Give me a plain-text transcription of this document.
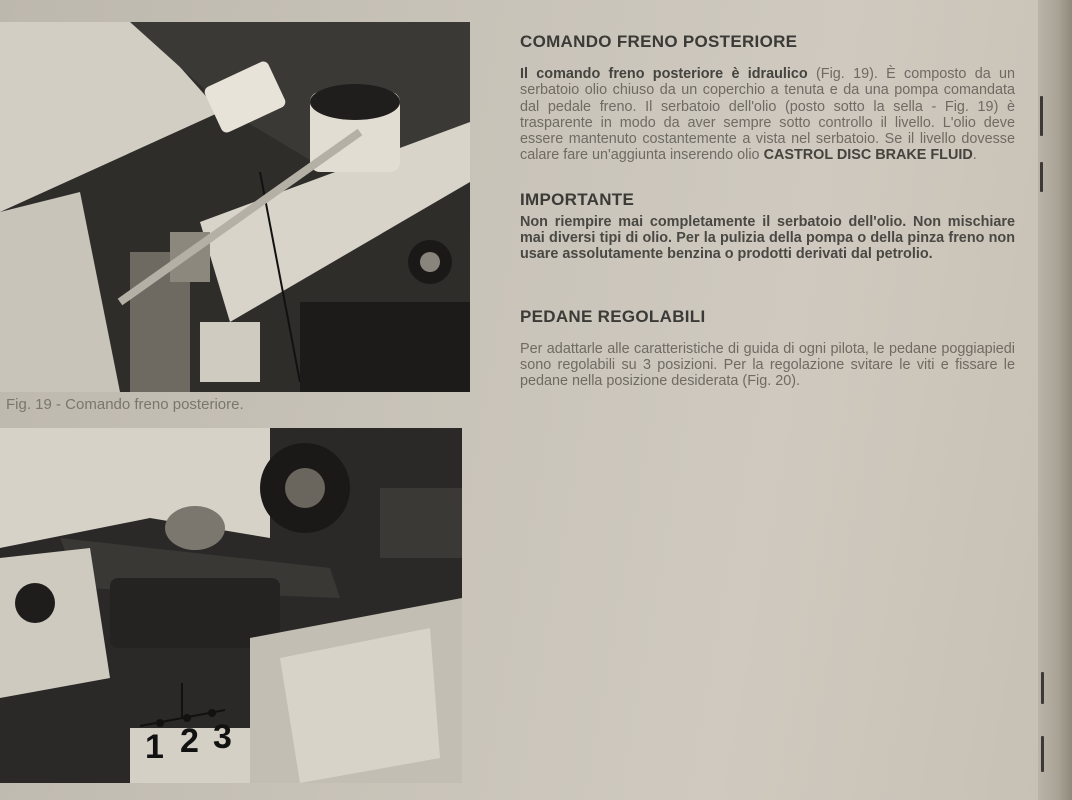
Fig. 19 - Comando freno posteriore.
1 2 3
COMANDO FRENO POSTERIORE

Il comando freno posteriore è idraulico (Fig. 19). È composto da un serbatoio olio chiuso da un coperchio a tenuta e da una pompa comandata dal pedale freno. Il serbatoio dell'olio (posto sotto la sella - Fig. 19) è trasparente in modo da aver sempre sotto controllo il livello. L'olio deve essere mantenuto costantemente a vista nel serbatoio. Se il livello dovesse calare fare un'aggiunta inserendo olio CASTROL DISC BRAKE FLUID.

IMPORTANTE

Non riempire mai completamente il serbatoio dell'olio. Non mischiare mai diversi tipi di olio. Per la pulizia della pompa o della pinza freno non usare assolutamente benzina o prodotti derivati dal petrolio.

PEDANE REGOLABILI

Per adattarle alle caratteristiche di guida di ogni pilota, le pedane poggiapiedi sono regolabili su 3 posizioni. Per la regolazione svitare le viti e fissare le pedane nella posizione desiderata (Fig. 20).
